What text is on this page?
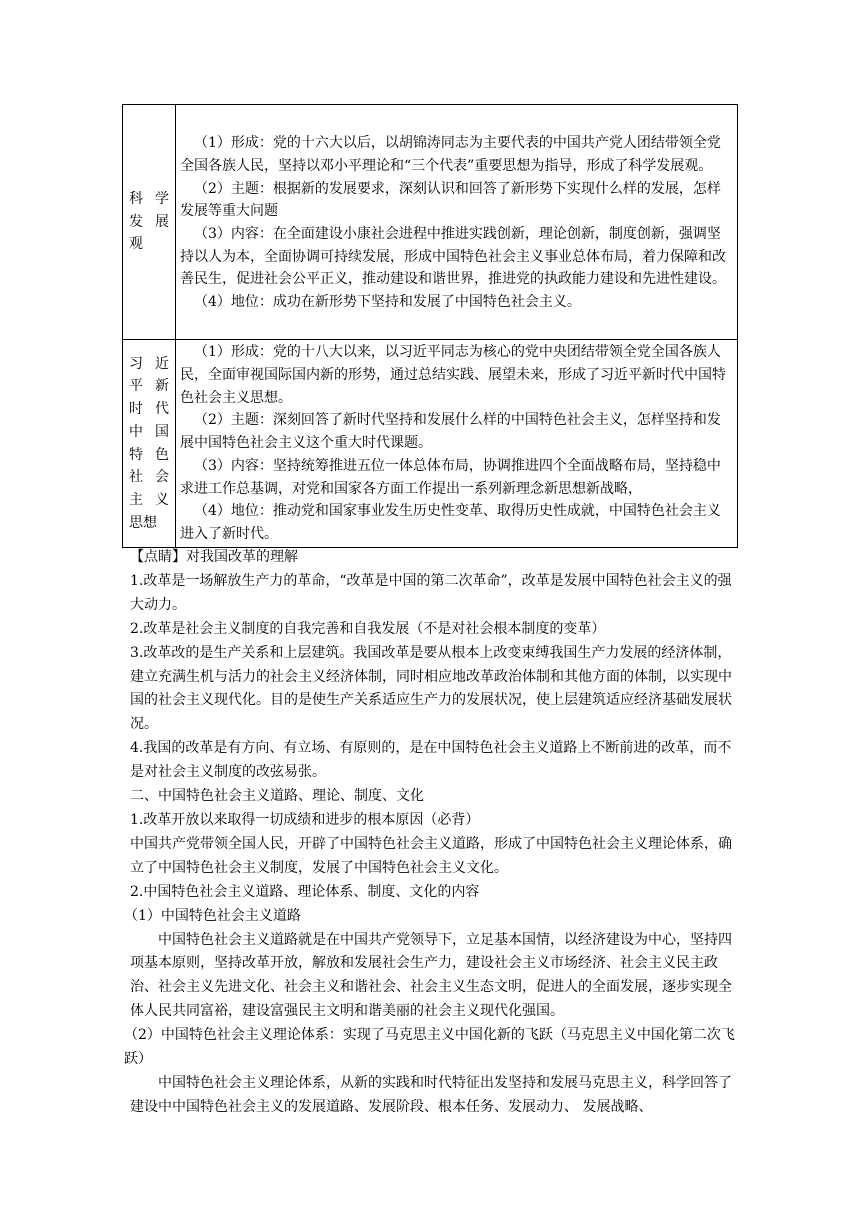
科学发展观	（1）形成：党的十六大以后，以胡锦涛同志为主要代表的中国共产党人团结带领全党全国各族人民，坚持以邓小平理论和“三个代表”重要思想为指导，形成了科学发展观。

（2）主题：根据新的发展要求，深刻认识和回答了新形势下实现什么样的发展，怎样发展等重大问题

（3）内容：在全面建设小康社会进程中推进实践创新，理论创新，制度创新，强调坚持以人为本，全面协调可持续发展，形成中国特色社会主义事业总体布局，着力保障和改善民生，促进社会公平正义，推动建设和谐世界，推进党的执政能力建设和先进性建设。

（4）地位：成功在新形势下坚持和发展了中国特色社会主义。

习近平新时代中国特色社会主义思想	（1）形成：党的十八大以来，以习近平同志为核心的党中央团结带领全党全国各族人民，全面审视国际国内新的形势，通过总结实践、展望未来，形成了习近平新时代中国特色社会主义思想。

（2）主题：深刻回答了新时代坚持和发展什么样的中国特色社会主义，怎样坚持和发展中国特色社会主义这个重大时代课题。

（3）内容：坚持统筹推进五位一体总体布局，协调推进四个全面战略布局，坚持稳中求进工作总基调，对党和国家各方面工作提出一系列新理念新思想新战略，

（4）地位：推动党和国家事业发生历史性变革、取得历史性成就，中国特色社会主义进入了新时代。

【点睛】对我国改革的理解

1.改革是一场解放生产力的革命，“改革是中国的第二次革命”，改革是发展中国特色社会主义的强大动力。

2.改革是社会主义制度的自我完善和自我发展（不是对社会根本制度的变革）

3.改革改的是生产关系和上层建筑。我国改革是要从根本上改变束缚我国生产力发展的经济体制，建立充满生机与活力的社会主义经济体制，同时相应地改革政治体制和其他方面的体制，以实现中国的社会主义现代化。目的是使生产关系适应生产力的发展状况，使上层建筑适应经济基础发展状况。

4.我国的改革是有方向、有立场、有原则的，是在中国特色社会主义道路上不断前进的改革，而不是对社会主义制度的改弦易张。

二、中国特色社会主义道路、理论、制度、文化

1.改革开放以来取得一切成绩和进步的根本原因（必背）

中国共产党带领全国人民，开辟了中国特色社会主义道路，形成了中国特色社会主义理论体系，确立了中国特色社会主义制度，发展了中国特色社会主义文化。

2.中国特色社会主义道路、理论体系、制度、文化的内容

（1）中国特色社会主义道路

中国特色社会主义道路就是在中国共产党领导下，立足基本国情，以经济建设为中心，坚持四项基本原则，坚持改革开放，解放和发展社会生产力，建设社会主义市场经济、社会主义民主政治、社会主义先进文化、社会主义和谐社会、社会主义生态文明，促进人的全面发展，逐步实现全体人民共同富裕，建设富强民主文明和谐美丽的社会主义现代化强国。

（2）中国特色社会主义理论体系：实现了马克思主义中国化新的飞跃（马克思主义中国化第二次飞跃）

中国特色社会主义理论体系，从新的实践和时代特征出发坚持和发展马克思主义，科学回答了建设中中国特色社会主义的发展道路、发展阶段、根本任务、发展动力、 发展战略、
